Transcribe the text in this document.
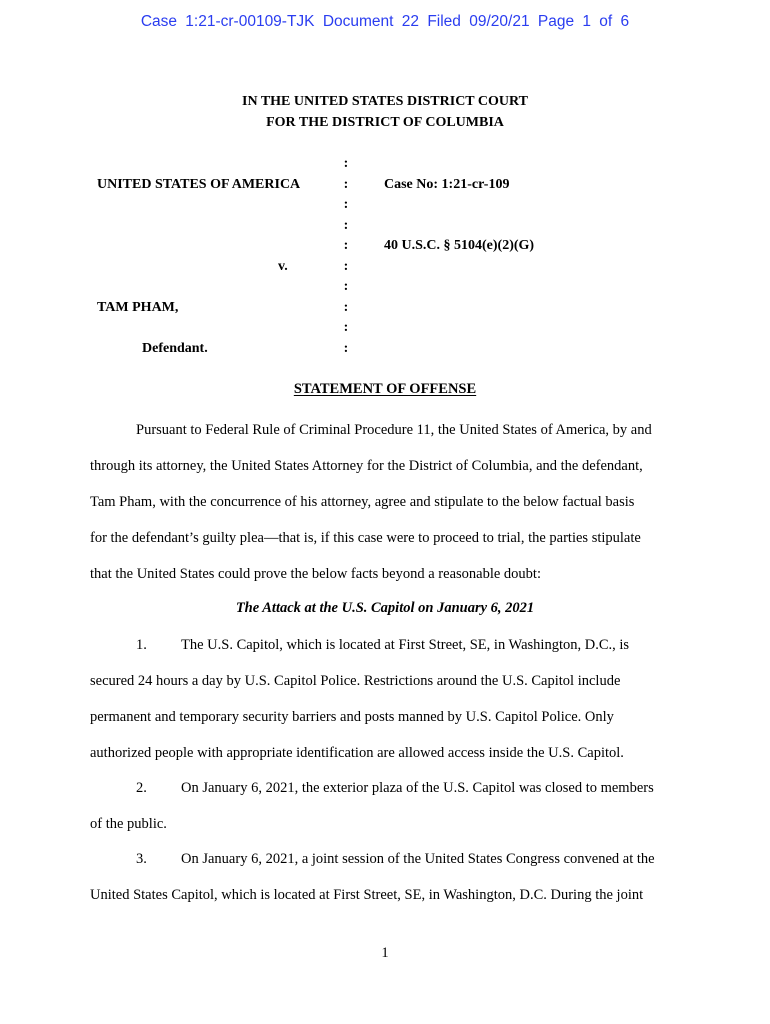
Case 1:21-cr-00109-TJK Document 22 Filed 09/20/21 Page 1 of 6
IN THE UNITED STATES DISTRICT COURT
FOR THE DISTRICT OF COLUMBIA
:
:
:
:
:
:
:
:
:
:
UNITED STATES OF AMERICA	Case No: 1:21-cr-109
40 U.S.C. § 5104(e)(2)(G)
v.
TAM PHAM,
Defendant.
STATEMENT OF OFFENSE
Pursuant to Federal Rule of Criminal Procedure 11, the United States of America, by and
through its attorney, the United States Attorney for the District of Columbia, and the defendant,
Tam Pham, with the concurrence of his attorney, agree and stipulate to the below factual basis
for the defendant’s guilty plea—that is, if this case were to proceed to trial, the parties stipulate
that the United States could prove the below facts beyond a reasonable doubt:
The Attack at the U.S. Capitol on January 6, 2021
1. The U.S. Capitol, which is located at First Street, SE, in Washington, D.C., is
secured 24 hours a day by U.S. Capitol Police. Restrictions around the U.S. Capitol include
permanent and temporary security barriers and posts manned by U.S. Capitol Police. Only
authorized people with appropriate identification are allowed access inside the U.S. Capitol.
2. On January 6, 2021, the exterior plaza of the U.S. Capitol was closed to members
of the public.
3. On January 6, 2021, a joint session of the United States Congress convened at the
United States Capitol, which is located at First Street, SE, in Washington, D.C. During the joint
1
